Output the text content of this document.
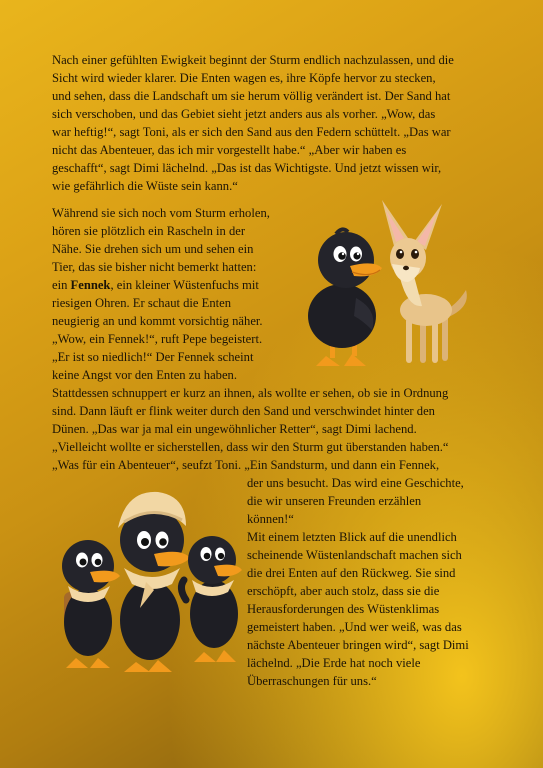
Nach einer gefühlten Ewigkeit beginnt der Sturm endlich nachzulassen, und die
Sicht wird wieder klarer. Die Enten wagen es, ihre Köpfe hervor zu stecken,
und sehen, dass die Landschaft um sie herum völlig verändert ist. Der Sand hat
sich verschoben, und das Gebiet sieht jetzt anders aus als vorher. „Wow, das
war heftig!“, sagt Toni, als er sich den Sand aus den Federn schüttelt. „Das war
nicht das Abenteuer, das ich mir vorgestellt habe.“ „Aber wir haben es
geschafft“, sagt Dimi lächelnd. „Das ist das Wichtigste. Und jetzt wissen wir,
wie gefährlich die Wüste sein kann.“

Während sie sich noch vom Sturm erholen,
hören sie plötzlich ein Rascheln in der
Nähe. Sie drehen sich um und sehen ein
Tier, das sie bisher nicht bemerkt hatten:
ein Fennek, ein kleiner Wüstenfuchs mit
riesigen Ohren. Er schaut die Enten
neugierig an und kommt vorsichtig näher.
„Wow, ein Fennek!“, ruft Pepe begeistert.
„Er ist so niedlich!“ Der Fennek scheint
keine Angst vor den Enten zu haben.

Stattdessen schnuppert er kurz an ihnen, als wollte er sehen, ob sie in Ordnung
sind. Dann läuft er flink weiter durch den Sand und verschwindet hinter den
Dünen. „Das war ja mal ein ungewöhnlicher Retter“, sagt Dimi lachend.
„Vielleicht wollte er sicherstellen, dass wir den Sturm gut überstanden haben.“
„Was für ein Abenteuer“, seufzt Toni. „Ein Sandsturm, und dann ein Fennek,

der uns besucht. Das wird eine Geschichte,
die wir unseren Freunden erzählen
können!“
Mit einem letzten Blick auf die unendlich
scheinende Wüstenlandschaft machen sich
die drei Enten auf den Rückweg. Sie sind
erschöpft, aber auch stolz, dass sie die
Herausforderungen des Wüstenklimas
gemeistert haben. „Und wer weiß, was das
nächste Abenteuer bringen wird“, sagt Dimi
lächelnd. „Die Erde hat noch viele
Überraschungen für uns.“
